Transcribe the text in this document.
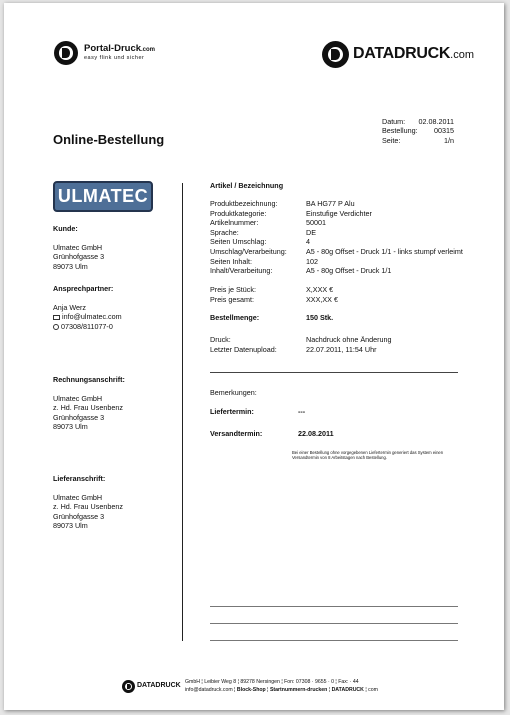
Portal-Druck.com
easy flink und sicher	DATADRUCK.com
Datum: 02.08.2011
Bestellung: 00315
Seite:	1/n
Online-Bestellung
ULMATEC
Kunde:
Ulmatec GmbH
Grünhofgasse 3
89073 Ulm
Ansprechpartner:
Anja Werz
info@ulmatec.com
07308/811077-0
Rechnungsanschrift:
Ulmatec GmbH
z. Hd. Frau Usenbenz
Grünhofgasse 3
89073 Ulm
Lieferanschrift:
Ulmatec GmbH
z. Hd. Frau Usenbenz
Grünhofgasse 3
89073 Ulm
Artikel / Bezeichnung
Produktbezeichnung:	BA HG77 P Alu
Produktkategorie:	Einstufige Verdichter
Artikelnummer:	50001
Sprache:	DE
Seiten Umschlag:	4
Umschlag/Verarbeitung:	A5 - 80g Offset - Druck 1/1 - links stumpf verleimt
Seiten Inhalt:	102
Inhalt/Verarbeitung:	A5 - 80g Offset - Druck 1/1
Preis je Stück:	X,XXX €
Preis gesamt:	XXX,XX €
Bestellmenge:	150 Stk.
Druck:	Nachdruck ohne Änderung
Letzter Datenupload:	22.07.2011, 11:54 Uhr
Bemerkungen:
Liefertermin:	---
Versandtermin:	22.08.2011
Bei einer Bestellung ohne vorgegebenen Liefertermin generiert das System einen Versandtermin von 8 Arbeitstagen nach Bestellung.
DATADRUCK GmbH ¦ Leibier Weg 8 ¦ 89278 Nersingen ¦ Fon: 07308 · 9655 · 0 ¦ Fax: · 44
info@datadruck.com ¦ Block-Shop ¦ Startnummern-drucken ¦ DATADRUCK ¦ com
